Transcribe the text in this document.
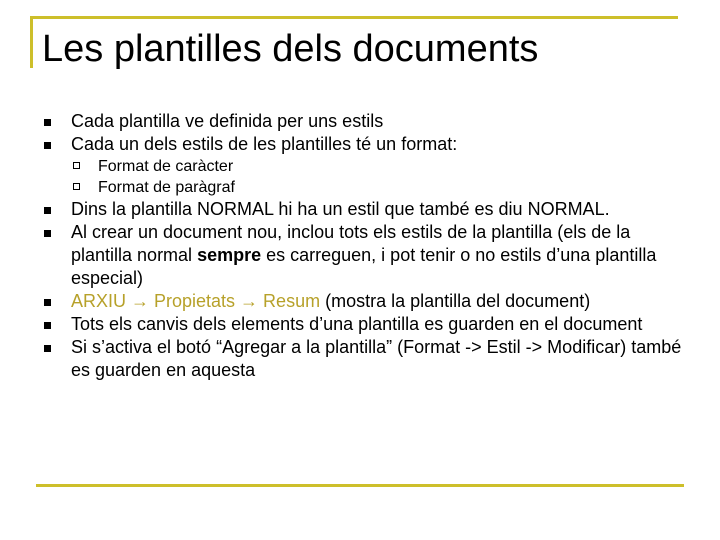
Les plantilles dels documents
Cada plantilla ve definida per uns estils
Cada un dels estils de les plantilles té un format:
Format de caràcter
Format de paràgraf
Dins la plantilla NORMAL hi ha un estil que també es diu NORMAL.
Al crear un document nou, inclou tots els estils de la plantilla (els de la plantilla normal sempre es carreguen, i pot tenir o no estils d’una plantilla especial)
ARXIU → Propietats → Resum (mostra la plantilla del document)
Tots els canvis dels elements d’una plantilla es guarden en el document
Si s’activa el botó “Agregar a la plantilla” (Format -> Estil -> Modificar) també es guarden en aquesta
